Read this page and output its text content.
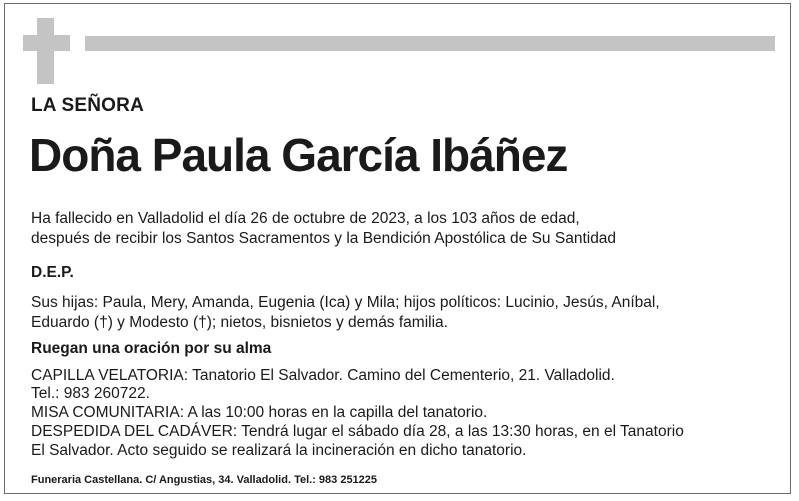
LA SEÑORA
Doña Paula García Ibáñez
Ha fallecido en Valladolid el día 26 de octubre de 2023, a los 103 años de edad,
después de recibir los Santos Sacramentos y la Bendición Apostólica de Su Santidad
D.E.P.
Sus hijas: Paula, Mery, Amanda, Eugenia (Ica) y Mila; hijos políticos: Lucinio, Jesús, Aníbal,
Eduardo (†) y Modesto (†); nietos, bisnietos y demás familia.
Ruegan una oración por su alma
CAPILLA VELATORIA: Tanatorio El Salvador. Camino del Cementerio, 21. Valladolid.
Tel.: 983 260722.
MISA COMUNITARIA: A las 10:00 horas en la capilla del tanatorio.
DESPEDIDA DEL CADÁVER: Tendrá lugar el sábado día 28, a las 13:30 horas, en el Tanatorio
El Salvador. Acto seguido se realizará la incineración en dicho tanatorio.
Funeraria Castellana. C/ Angustias, 34. Valladolid. Tel.: 983 251225
